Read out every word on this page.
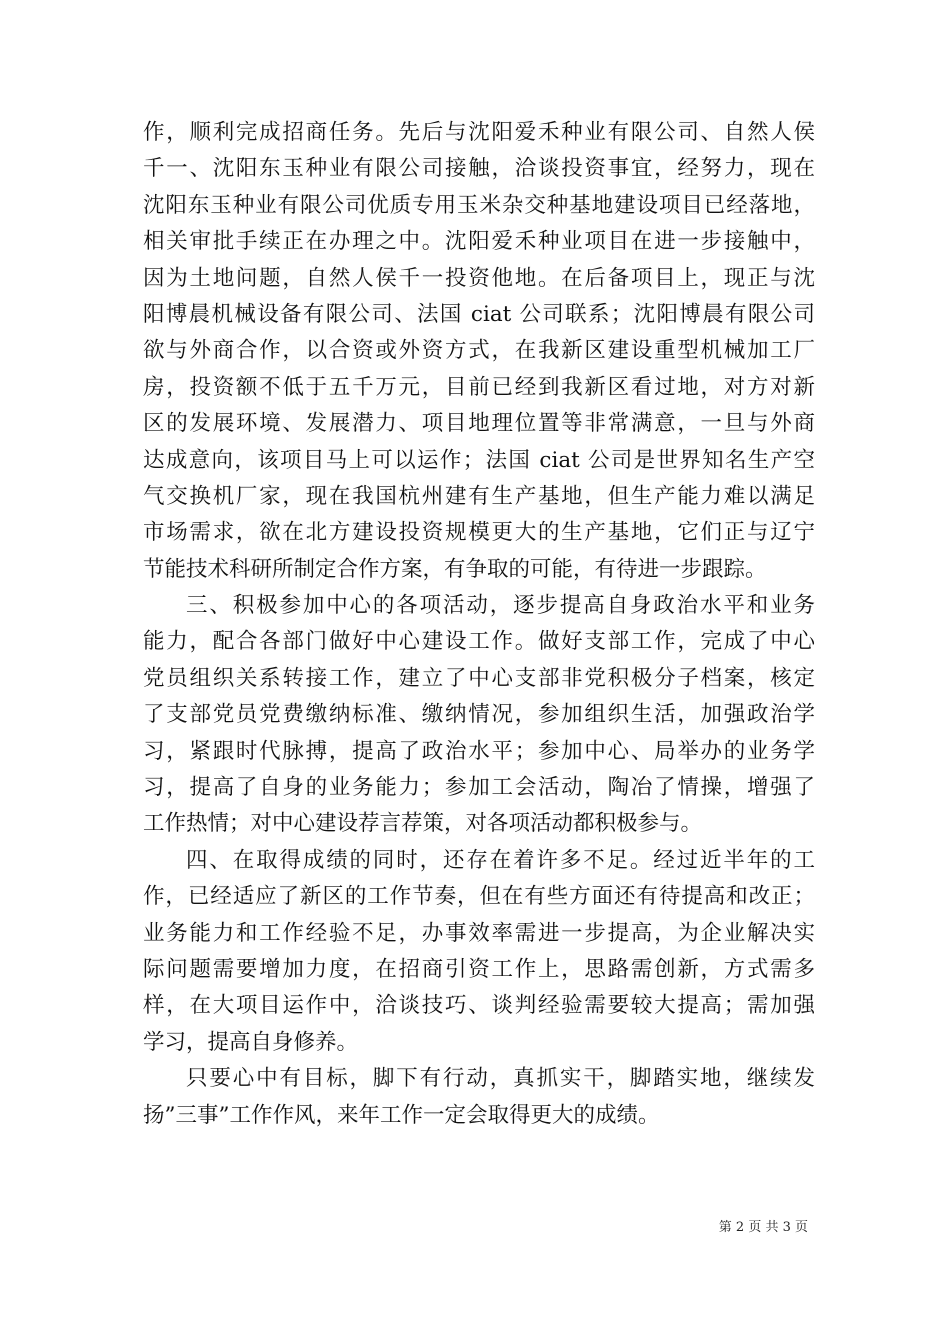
作，顺利完成招商任务。先后与沈阳爱禾种业有限公司、自然人侯
千一、沈阳东玉种业有限公司接触，洽谈投资事宜，经努力，现在
沈阳东玉种业有限公司优质专用玉米杂交种基地建设项目已经落地，
相关审批手续正在办理之中。沈阳爱禾种业项目在进一步接触中，
因为土地问题，自然人侯千一投资他地。在后备项目上，现正与沈
阳博晨机械设备有限公司、法国 ciat 公司联系；沈阳博晨有限公司
欲与外商合作，以合资或外资方式，在我新区建设重型机械加工厂
房，投资额不低于五千万元，目前已经到我新区看过地，对方对新
区的发展环境、发展潜力、项目地理位置等非常满意，一旦与外商
达成意向，该项目马上可以运作；法国 ciat 公司是世界知名生产空
气交换机厂家，现在我国杭州建有生产基地，但生产能力难以满足
市场需求，欲在北方建设投资规模更大的生产基地，它们正与辽宁
节能技术科研所制定合作方案，有争取的可能，有待进一步跟踪。
三、积极参加中心的各项活动，逐步提高自身政治水平和业务
能力，配合各部门做好中心建设工作。做好支部工作，完成了中心
党员组织关系转接工作，建立了中心支部非党积极分子档案，核定
了支部党员党费缴纳标准、缴纳情况，参加组织生活，加强政治学
习，紧跟时代脉搏，提高了政治水平；参加中心、局举办的业务学
习，提高了自身的业务能力；参加工会活动，陶冶了情操，增强了
工作热情；对中心建设荐言荐策，对各项活动都积极参与。
四、在取得成绩的同时，还存在着许多不足。经过近半年的工
作，已经适应了新区的工作节奏，但在有些方面还有待提高和改正；
业务能力和工作经验不足，办事效率需进一步提高，为企业解决实
际问题需要增加力度，在招商引资工作上，思路需创新，方式需多
样，在大项目运作中，洽谈技巧、谈判经验需要较大提高；需加强
学习，提高自身修养。
只要心中有目标，脚下有行动，真抓实干，脚踏实地，继续发
扬”三事”工作作风，来年工作一定会取得更大的成绩。
第 2 页 共 3 页
